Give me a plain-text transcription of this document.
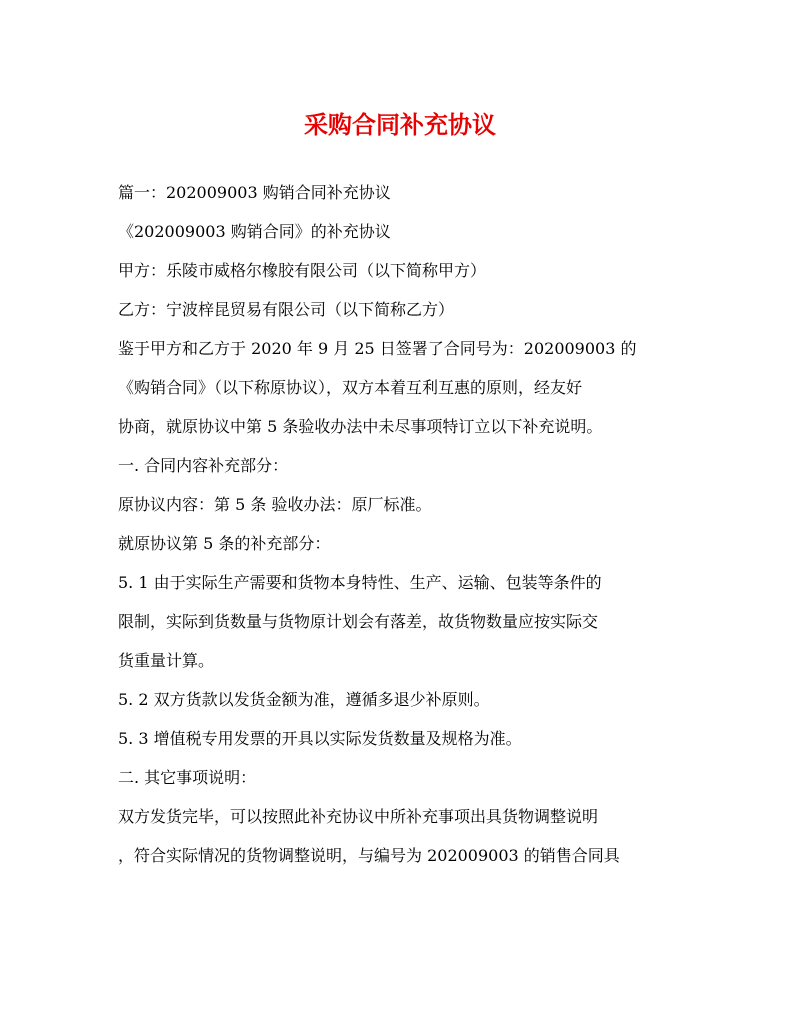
采购合同补充协议
篇一：202009003 购销合同补充协议
《202009003 购销合同》的补充协议
甲方：乐陵市威格尔橡胶有限公司（以下简称甲方）
乙方：宁波梓昆贸易有限公司（以下简称乙方）
鉴于甲方和乙方于 2020 年 9 月 25 日签署了合同号为：202009003 的
《购销合同》（以下称原协议），双方本着互利互惠的原则，经友好
协商，就原协议中第 5 条验收办法中未尽事项特订立以下补充说明。
一. 合同内容补充部分：
原协议内容：第 5 条 验收办法：原厂标准。
就原协议第 5 条的补充部分：
5. 1 由于实际生产需要和货物本身特性、生产、运输、包装等条件的
限制，实际到货数量与货物原计划会有落差，故货物数量应按实际交
货重量计算。
5. 2 双方货款以发货金额为准，遵循多退少补原则。
5. 3 增值税专用发票的开具以实际发货数量及规格为准。
二. 其它事项说明：
双方发货完毕，可以按照此补充协议中所补充事项出具货物调整说明
，符合实际情况的货物调整说明，与编号为 202009003 的销售合同具
